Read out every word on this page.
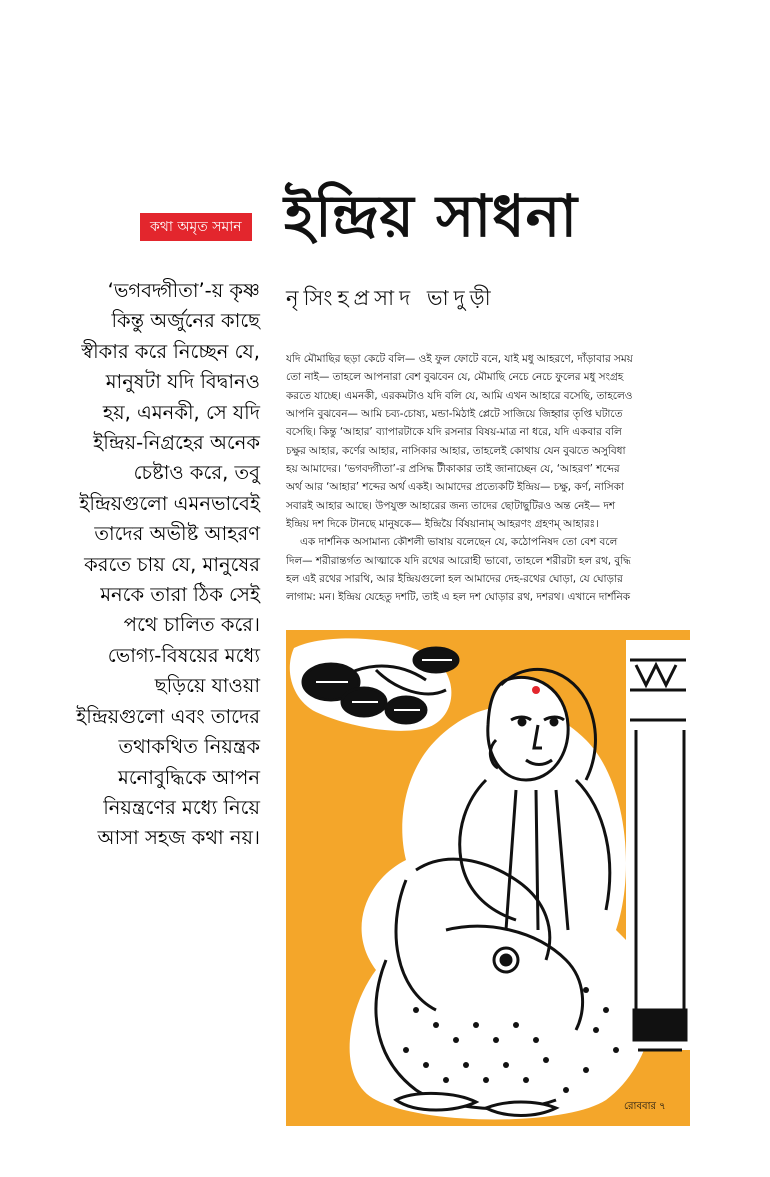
কথা অমৃত সমান ইন্দ্রিয় সাধনা
নৃসিংহপ্রসাদ ভাদুড়ী
‘ভগবদ্গীতা’-য় কৃষ্ণ
কিন্তু অর্জুনের কাছে
স্বীকার করে নিচ্ছেন যে,
মানুষটা যদি বিদ্বানও
হয়, এমনকী, সে যদি
ইন্দ্রিয়-নিগ্রহের অনেক
চেষ্টাও করে, তবু
ইন্দ্রিয়গুলো এমনভাবেই
তাদের অভীষ্ট আহরণ
করতে চায় যে, মানুষের
মনকে তারা ঠিক সেই
পথে চালিত করে।
ভোগ্য-বিষয়ের মধ্যে
ছড়িয়ে যাওয়া
ইন্দ্রিয়গুলো এবং তাদের
তথাকথিত নিয়ন্ত্রক
মনোবুদ্ধিকে আপন
নিয়ন্ত্রণের মধ্যে নিয়ে
আসা সহজ কথা নয়।
যদি মৌমাছির ছড়া কেটে বলি— ওই ফুল ফোটে বনে, যাই মধু আহরণে, দাঁড়াবার সময়
তো নাই— তাহলে আপনারা বেশ বুঝবেন যে, মৌমাছি নেচে নেচে ফুলের মধু সংগ্রহ
করতে যাচ্ছে। এমনকী, এরকমটাও যদি বলি যে, আমি এখন আহারে বসেছি, তাহলেও
আপনি বুঝবেন— আমি চব্য-চোষ্য, মন্ডা-মিঠাই প্লেটে সাজিয়ে জিহ্বার তৃপ্তি ঘটাতে
বসেছি। কিন্তু ‘আহার’ ব্যাপারটাকে যদি রসনার বিষয়-মাত্র না ধরে, যদি একবার বলি
চক্ষুর আহার, কর্ণের আহার, নাসিকার আহার, তাহলেই কোথায় যেন বুঝতে অসুবিধা
হয় আমাদের। ‘ভগবদ্গীতা’-র প্রসিদ্ধ টীকাকার তাই জানাচ্ছেন যে, ‘আহরণ’ শব্দের
অর্থ আর ‘আহার’ শব্দের অর্থ একই। আমাদের প্রত্যেকটি ইন্দ্রিয়— চক্ষু, কর্ণ, নাসিকা
সবারই আহার আছে। উপযুক্ত আহারের জন্য তাদের ছোটাছুটিরও অন্ত নেই— দশ
ইন্দ্রিয় দশ দিকে টানছে মানুষকে— ইন্দ্রিয়ৈ র্বিষয়ানাম্ আহরণং গ্রহণম্ আহারঃ।
এক দার্শনিক অসামান্য কৌশলী ভাষায় বলেছেন যে, কঠোপনিষদ তো বেশ বলে
দিল— শরীরান্তর্গত আত্মাকে যদি রথের আরোহী ভাবো, তাহলে শরীরটা হল রথ, বুদ্ধি
হল এই রথের সারথি, আর ইন্দ্রিয়গুলো হল আমাদের দেহ-রথের ঘোড়া, যে ঘোড়ার
লাগাম: মন। ইন্দ্রিয় যেহেতু দশটি, তাই এ হল দশ ঘোড়ার রথ, দশরথ। এখানে দার্শনিক
রোববার ৭
